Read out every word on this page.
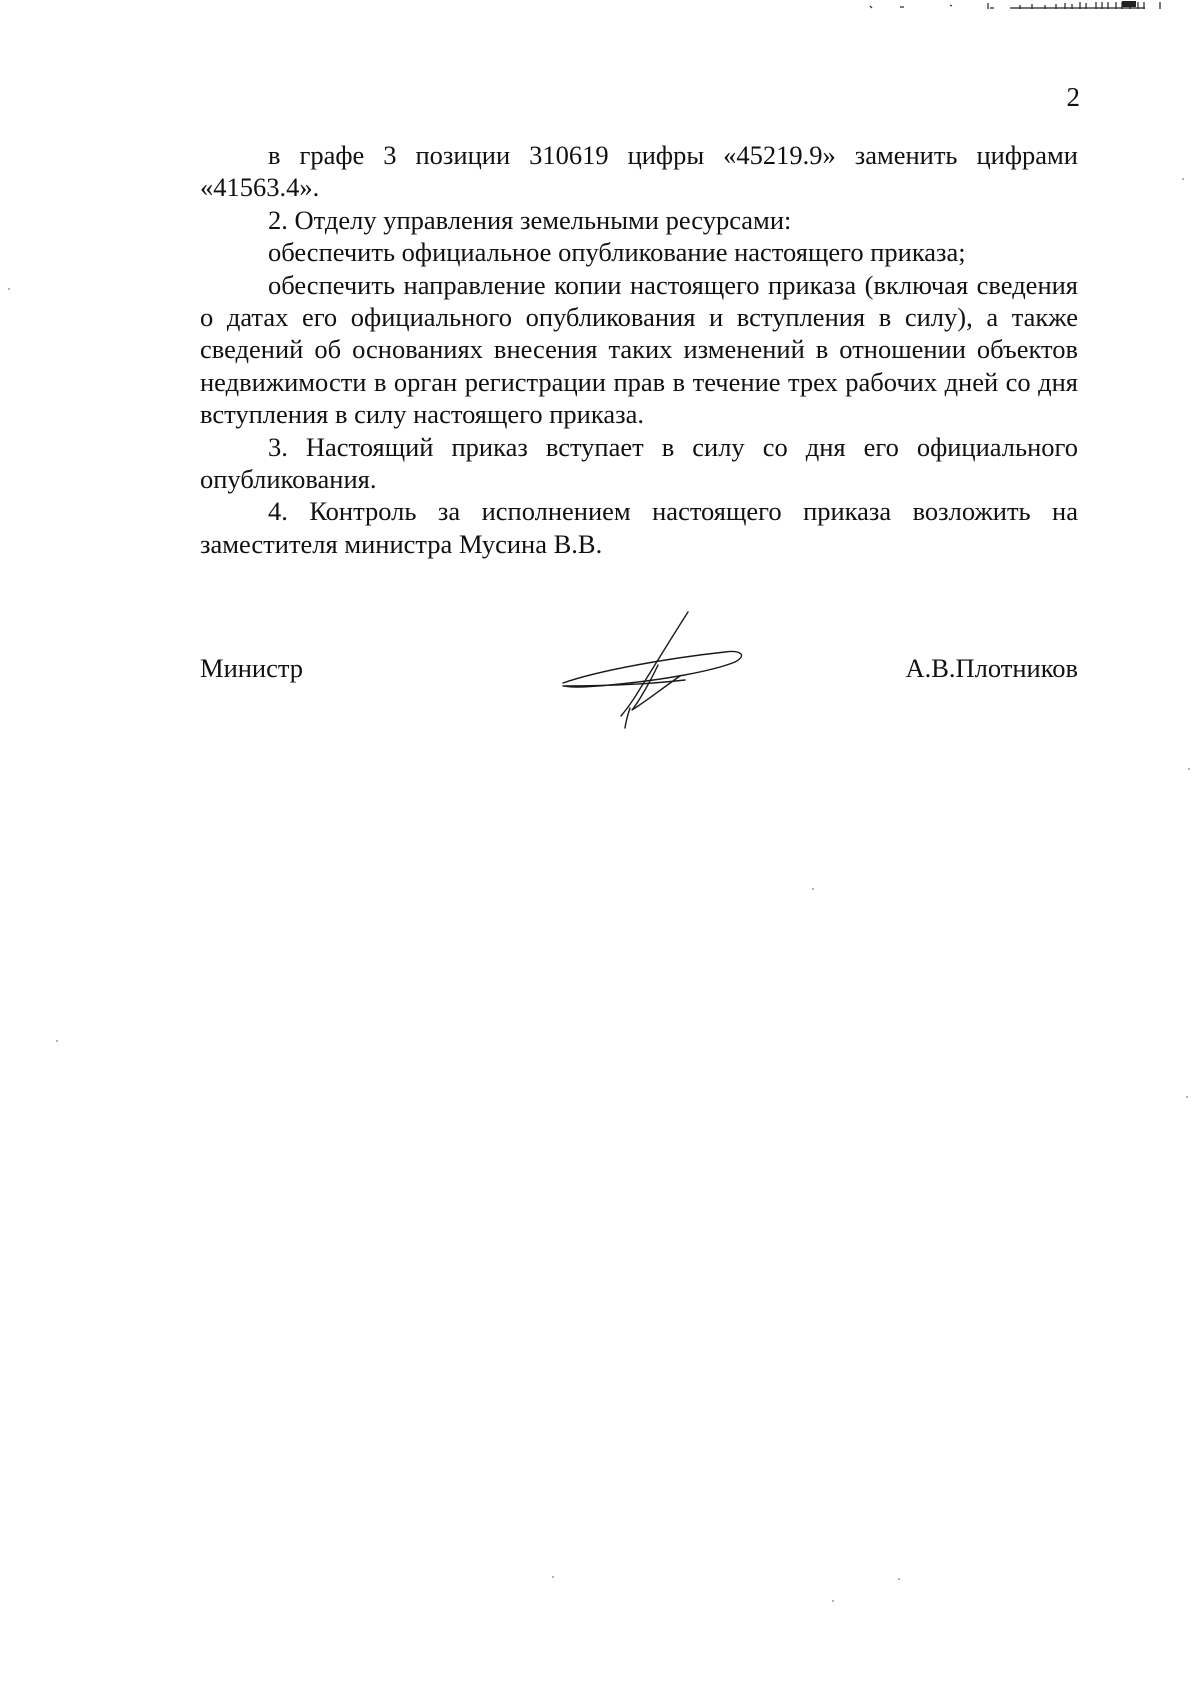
2

в графе 3 позиции 310619 цифры «45219.9» заменить цифрами «41563.4».

2. Отделу управления земельными ресурсами:

обеспечить официальное опубликование настоящего приказа;

обеспечить направление копии настоящего приказа (включая сведения о датах его официального опубликования и вступления в силу), а также сведений об основаниях внесения таких изменений в отношении объектов недвижимости в орган регистрации прав в течение трех рабочих дней со дня вступления в силу настоящего приказа.

3. Настоящий приказ вступает в силу со дня его официального опубликования.

4. Контроль за исполнением настоящего приказа возложить на заместителя министра Мусина В.В.

Министр	А.В.Плотников
